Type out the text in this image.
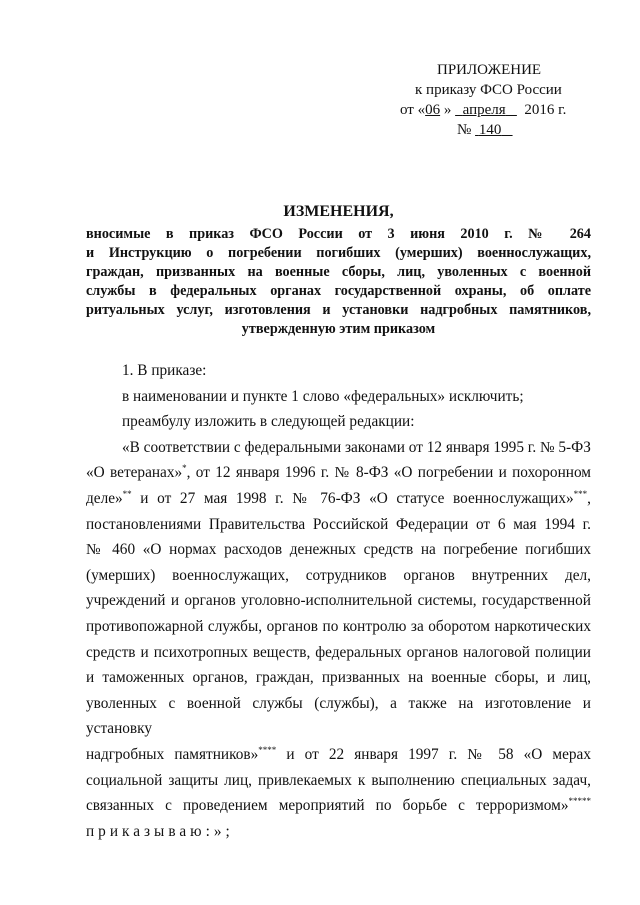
ПРИЛОЖЕНИЕ
к приказу ФСО России
от «06 » апреля 2016 г.
№ 140
ИЗМЕНЕНИЯ,
вносимые в приказ ФСО России от 3 июня 2010 г. № 264
и Инструкцию о погребении погибших (умерших) военнослужащих,
граждан, призванных на военные сборы, лиц, уволенных с военной
службы в федеральных органах государственной охраны, об оплате
ритуальных услуг, изготовления и установки надгробных памятников,
утвержденную этим приказом
1. В приказе:
в наименовании и пункте 1 слово «федеральных» исключить;
преамбулу изложить в следующей редакции:
«В соответствии с федеральными законами от 12 января 1995 г. № 5-ФЗ
«О ветеранах»*, от 12 января 1996 г. № 8-ФЗ «О погребении и похоронном
деле»** и от 27 мая 1998 г. № 76-ФЗ «О статусе военнослужащих»***,
постановлениями Правительства Российской Федерации от 6 мая 1994 г.
№ 460 «О нормах расходов денежных средств на погребение погибших
(умерших) военнослужащих, сотрудников органов внутренних дел,
учреждений и органов уголовно-исполнительной системы, государственной
противопожарной службы, органов по контролю за оборотом наркотических
средств и психотропных веществ, федеральных органов налоговой полиции
и таможенных органов, граждан, призванных на военные сборы, и лиц,
уволенных с военной службы (службы), а также на изготовление и установку
надгробных памятников»**** и от 22 января 1997 г. № 58 «О мерах
социальной защиты лиц, привлекаемых к выполнению специальных задач,
связанных с проведением мероприятий по борьбе с терроризмом»*****
приказываю:»;
